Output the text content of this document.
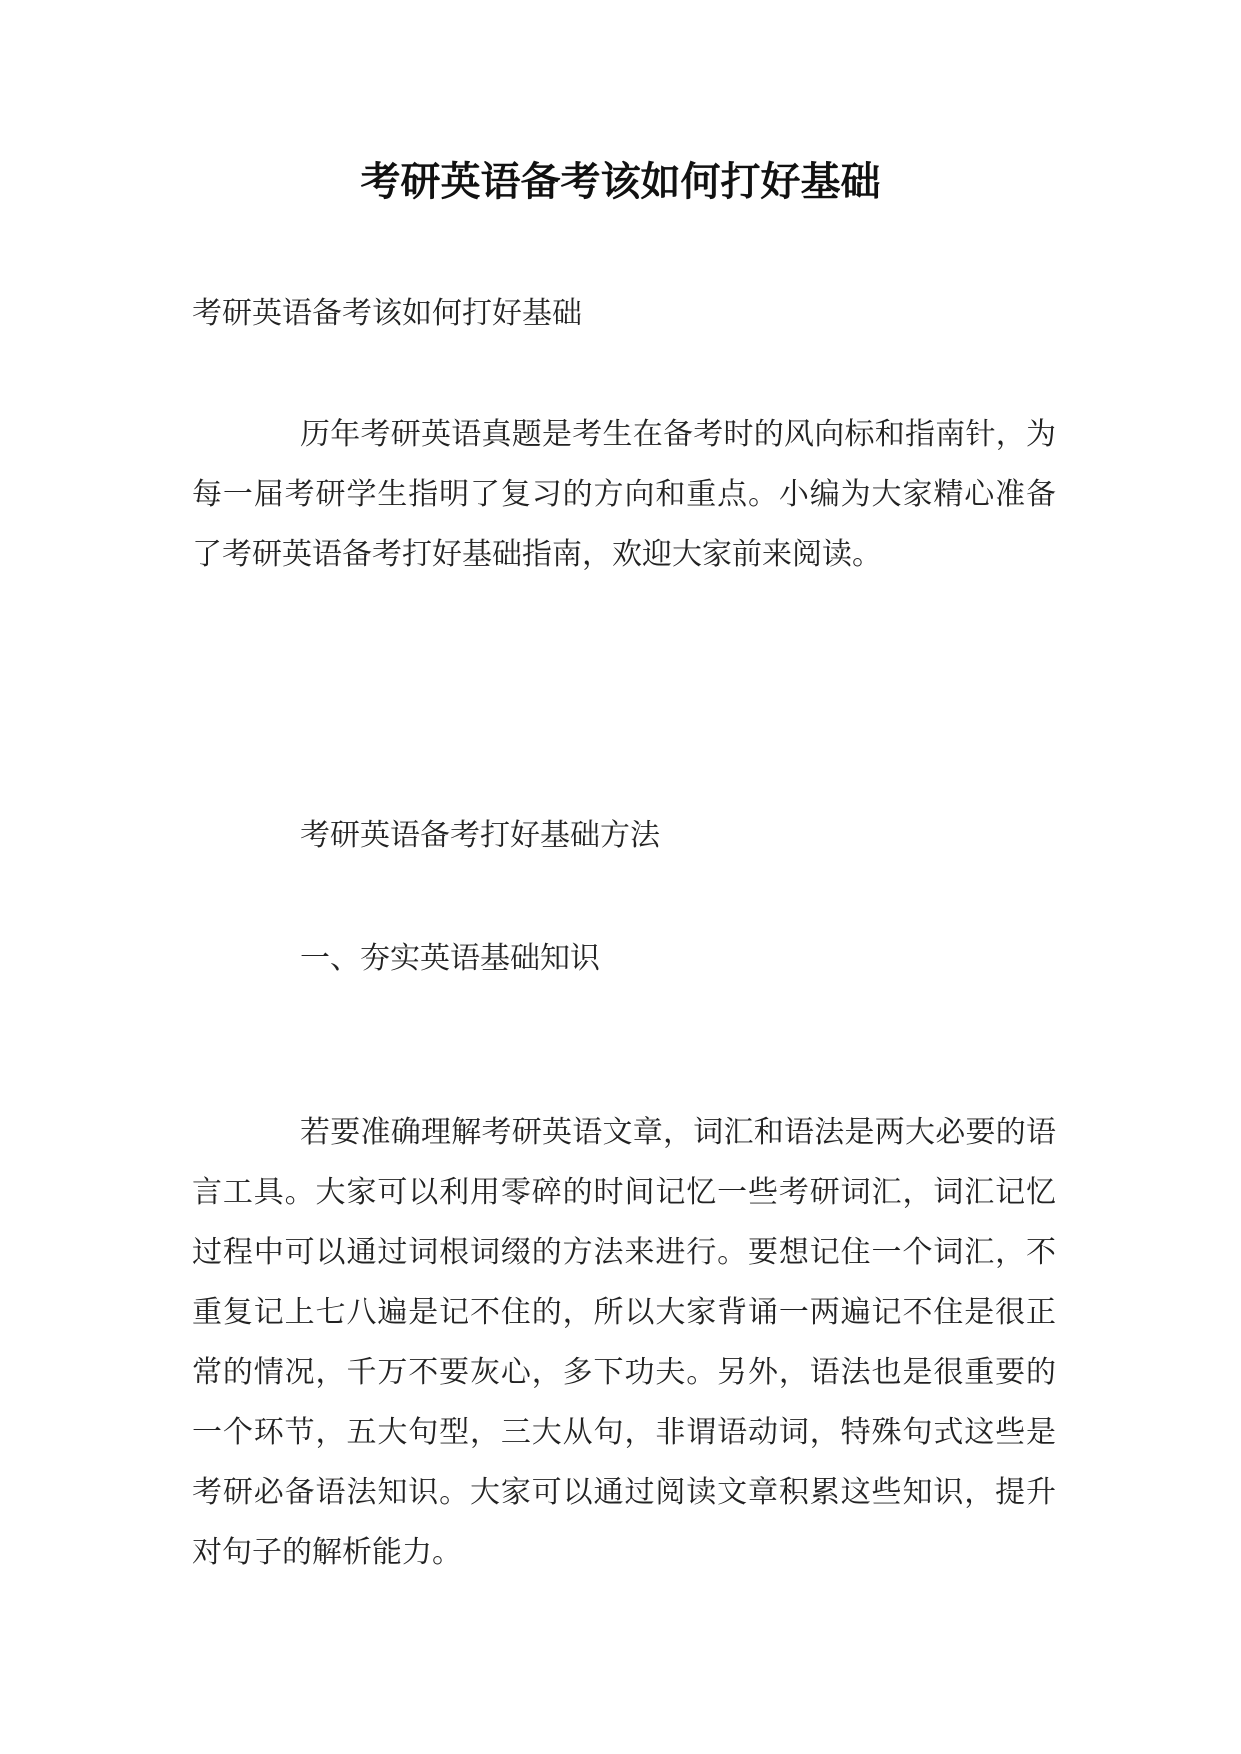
考研英语备考该如何打好基础
考研英语备考该如何打好基础

历年考研英语真题是考生在备考时的风向标和指南针，为每一届考研学生指明了复习的方向和重点。小编为大家精心准备了考研英语备考打好基础指南，欢迎大家前来阅读。

考研英语备考打好基础方法
一、夯实英语基础知识

若要准确理解考研英语文章，词汇和语法是两大必要的语言工具。大家可以利用零碎的时间记忆一些考研词汇，词汇记忆过程中可以通过词根词缀的方法来进行。要想记住一个词汇，不重复记上七八遍是记不住的，所以大家背诵一两遍记不住是很正常的情况，千万不要灰心，多下功夫。另外，语法也是很重要的一个环节，五大句型，三大从句，非谓语动词，特殊句式这些是考研必备语法知识。大家可以通过阅读文章积累这些知识，提升对句子的解析能力。
